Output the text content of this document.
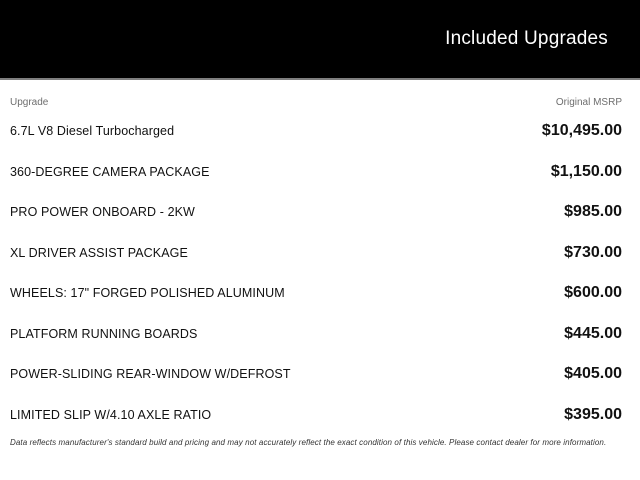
Included Upgrades
Upgrade	Original MSRP
6.7L V8 Diesel Turbocharged	$10,495.00
360-DEGREE CAMERA PACKAGE	$1,150.00
PRO POWER ONBOARD - 2KW	$985.00
XL DRIVER ASSIST PACKAGE	$730.00
WHEELS: 17" FORGED POLISHED ALUMINUM	$600.00
PLATFORM RUNNING BOARDS	$445.00
POWER-SLIDING REAR-WINDOW W/DEFROST	$405.00
LIMITED SLIP W/4.10 AXLE RATIO	$395.00
Data reflects manufacturer's standard build and pricing and may not accurately reflect the exact condition of this vehicle. Please contact dealer for more information.
